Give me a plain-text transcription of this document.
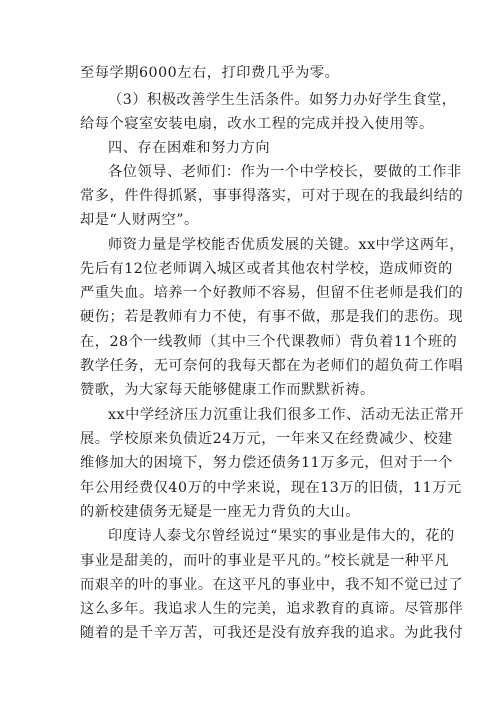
至每学期6000左右，打印费几乎为零。
（3）积极改善学生生活条件。如努力办好学生食堂，
给每个寝室安装电扇，改水工程的完成并投入使用等。
四、存在困难和努力方向
各位领导、老师们：作为一个中学校长，要做的工作非
常多，件件得抓紧，事事得落实，可对于现在的我最纠结的
却是“人财两空”。
师资力量是学校能否优质发展的关键。xx中学这两年，
先后有12位老师调入城区或者其他农村学校，造成师资的
严重失血。培养一个好教师不容易，但留不住老师是我们的
硬伤；若是教师有力不使，有事不做，那是我们的悲伤。现
在，28个一线教师（其中三个代课教师）背负着11个班的
教学任务，无可奈何的我每天都在为老师们的超负荷工作唱
赞歌，为大家每天能够健康工作而默默祈祷。
xx中学经济压力沉重让我们很多工作、活动无法正常开
展。学校原来负债近24万元，一年来又在经费减少、校建
维修加大的困境下，努力偿还债务11万多元，但对于一个
年公用经费仅40万的中学来说，现在13万的旧债，11万元
的新校建债务无疑是一座无力背负的大山。
印度诗人泰戈尔曾经说过“果实的事业是伟大的，花的
事业是甜美的，而叶的事业是平凡的。”校长就是一种平凡
而艰辛的叶的事业。在这平凡的事业中，我不知不觉已过了
这么多年。我追求人生的完美，追求教育的真谛。尽管那伴
随着的是千辛万苦，可我还是没有放弃我的追求。为此我付
